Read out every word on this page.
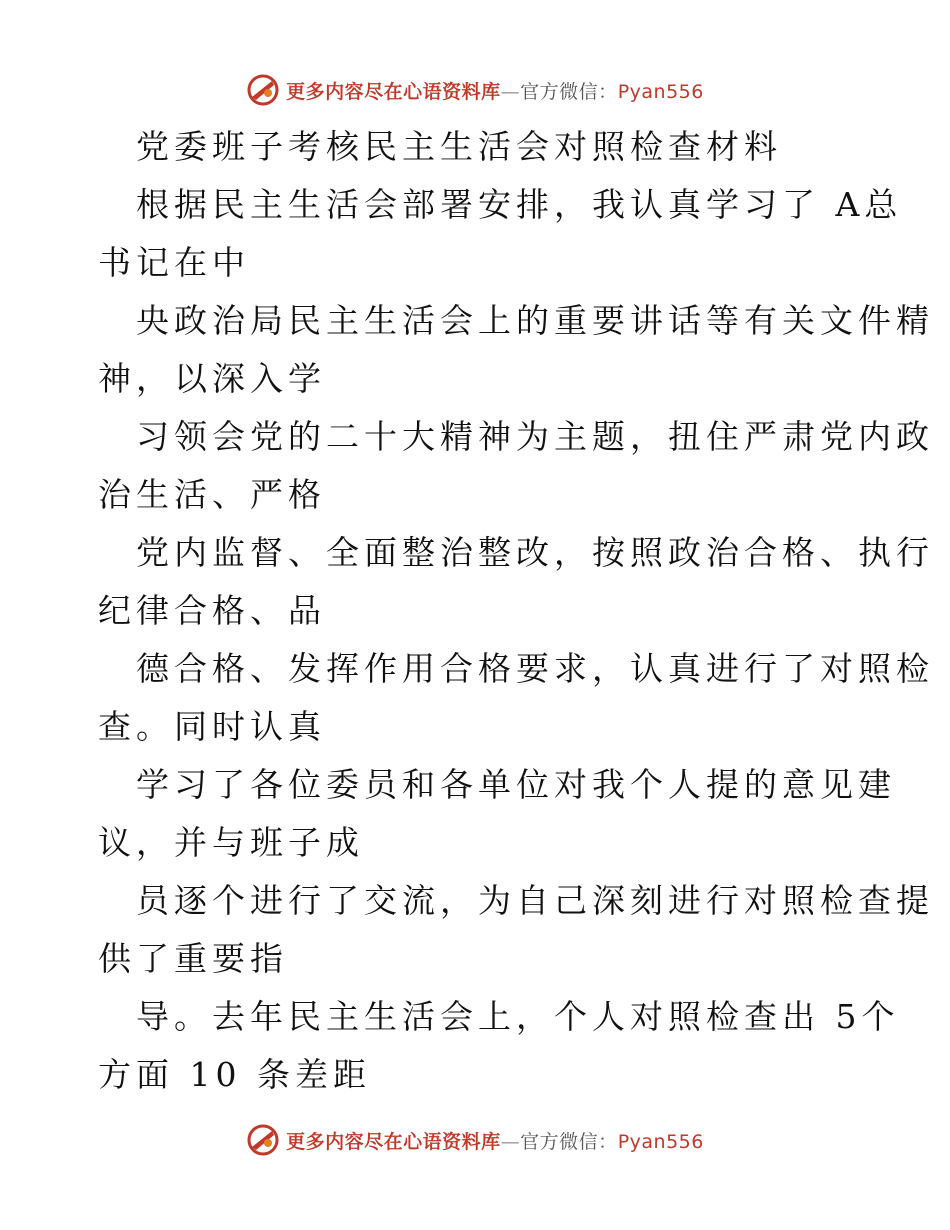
更多内容尽在心语资料库—官方微信：Pyan556
党委班子考核民主生活会对照检查材料
根据民主生活会部署安排，我认真学习了 A总
书记在中
央政治局民主生活会上的重要讲话等有关文件精
神，以深入学
习领会党的二十大精神为主题，扭住严肃党内政
治生活、严格
党内监督、全面整治整改，按照政治合格、执行
纪律合格、品
德合格、发挥作用合格要求，认真进行了对照检
查。同时认真
学习了各位委员和各单位对我个人提的意见建
议，并与班子成
员逐个进行了交流，为自己深刻进行对照检查提
供了重要指
导。去年民主生活会上，个人对照检查出 5个
方面 10 条差距
更多内容尽在心语资料库—官方微信：Pyan556
